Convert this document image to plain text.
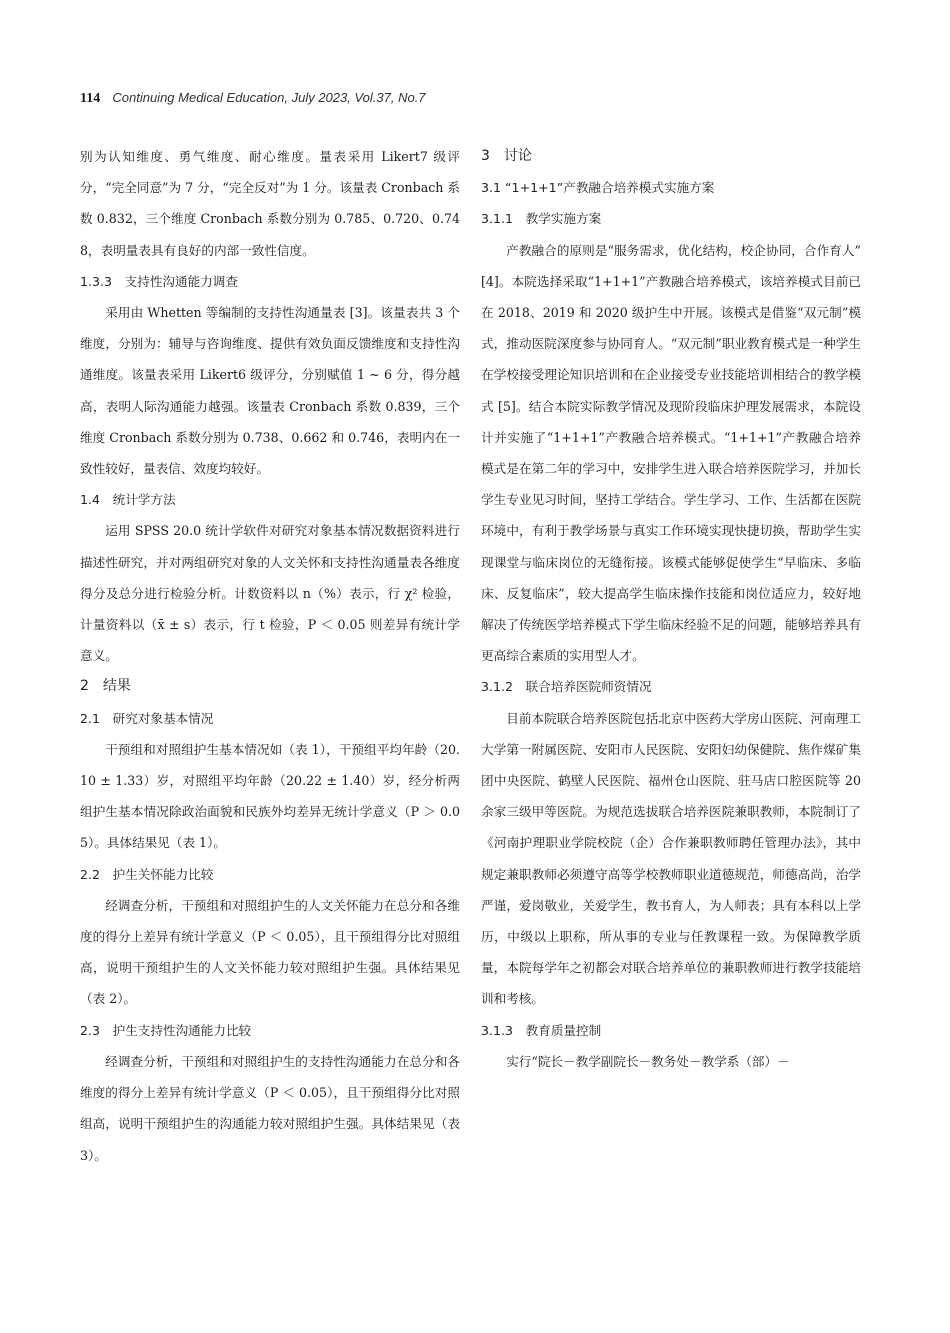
114 Continuing Medical Education, July 2023, Vol.37, No.7

别为认知维度、勇气维度、耐心维度。量表采用 Likert7 级评分，“完全同意”为 7 分，“完全反对”为 1 分。该量表 Cronbach 系数 0.832，三个维度 Cronbach 系数分别为 0.785、0.720、0.748，表明量表具有良好的内部一致性信度。

1.3.3　支持性沟通能力调查

采用由 Whetten 等编制的支持性沟通量表 [3]。该量表共 3 个维度，分别为：辅导与咨询维度、提供有效负面反馈维度和支持性沟通维度。该量表采用 Likert6 级评分，分别赋值 1 ~ 6 分，得分越高，表明人际沟通能力越强。该量表 Cronbach 系数 0.839，三个维度 Cronbach 系数分别为 0.738、0.662 和 0.746，表明内在一致性较好，量表信、效度均较好。

1.4　统计学方法

运用 SPSS 20.0 统计学软件对研究对象基本情况数据资料进行描述性研究，并对两组研究对象的人文关怀和支持性沟通量表各维度得分及总分进行检验分析。计数资料以 n（%）表示，行 χ² 检验，计量资料以（x̄ ± s）表示，行 t 检验，P ＜ 0.05 则差异有统计学意义。

2　结果

2.1　研究对象基本情况

干预组和对照组护生基本情况如（表 1），干预组平均年龄（20.10 ± 1.33）岁，对照组平均年龄（20.22 ± 1.40）岁，经分析两组护生基本情况除政治面貌和民族外均差异无统计学意义（P ＞ 0.05）。具体结果见（表 1）。

2.2　护生关怀能力比较

经调查分析，干预组和对照组护生的人文关怀能力在总分和各维度的得分上差异有统计学意义（P ＜ 0.05），且干预组得分比对照组高，说明干预组护生的人文关怀能力较对照组护生强。具体结果见（表 2）。

2.3　护生支持性沟通能力比较

经调查分析，干预组和对照组护生的支持性沟通能力在总分和各维度的得分上差异有统计学意义（P ＜ 0.05），且干预组得分比对照组高，说明干预组护生的沟通能力较对照组护生强。具体结果见（表 3）。

3　讨论

3.1 “1+1+1”产教融合培养模式实施方案

3.1.1　教学实施方案

产教融合的原则是“服务需求，优化结构，校企协同，合作育人” [4]。本院选择采取“1+1+1”产教融合培养模式，该培养模式目前已在 2018、2019 和 2020 级护生中开展。该模式是借鉴“双元制”模式，推动医院深度参与协同育人。“双元制”职业教育模式是一种学生在学校接受理论知识培训和在企业接受专业技能培训相结合的教学模式 [5]。结合本院实际教学情况及现阶段临床护理发展需求，本院设计并实施了“1+1+1”产教融合培养模式。“1+1+1”产教融合培养模式是在第二年的学习中，安排学生进入联合培养医院学习，并加长学生专业见习时间，坚持工学结合。学生学习、工作、生活都在医院环境中，有利于教学场景与真实工作环境实现快捷切换，帮助学生实现课堂与临床岗位的无缝衔接。该模式能够促使学生“早临床、多临床、反复临床”，较大提高学生临床操作技能和岗位适应力，较好地解决了传统医学培养模式下学生临床经验不足的问题，能够培养具有更高综合素质的实用型人才。

3.1.2　联合培养医院师资情况

目前本院联合培养医院包括北京中医药大学房山医院、河南理工大学第一附属医院、安阳市人民医院、安阳妇幼保健院、焦作煤矿集团中央医院、鹤壁人民医院、福州仓山医院、驻马店口腔医院等 20 余家三级甲等医院。为规范选拔联合培养医院兼职教师，本院制订了《河南护理职业学院校院（企）合作兼职教师聘任管理办法》，其中规定兼职教师必须遵守高等学校教师职业道德规范，师德高尚，治学严谨，爱岗敬业，关爱学生，教书育人，为人师表；具有本科以上学历，中级以上职称，所从事的专业与任教课程一致。为保障教学质量，本院每学年之初都会对联合培养单位的兼职教师进行教学技能培训和考核。

3.1.3　教育质量控制

实行“院长－教学副院长－教务处－教学系（部）－
